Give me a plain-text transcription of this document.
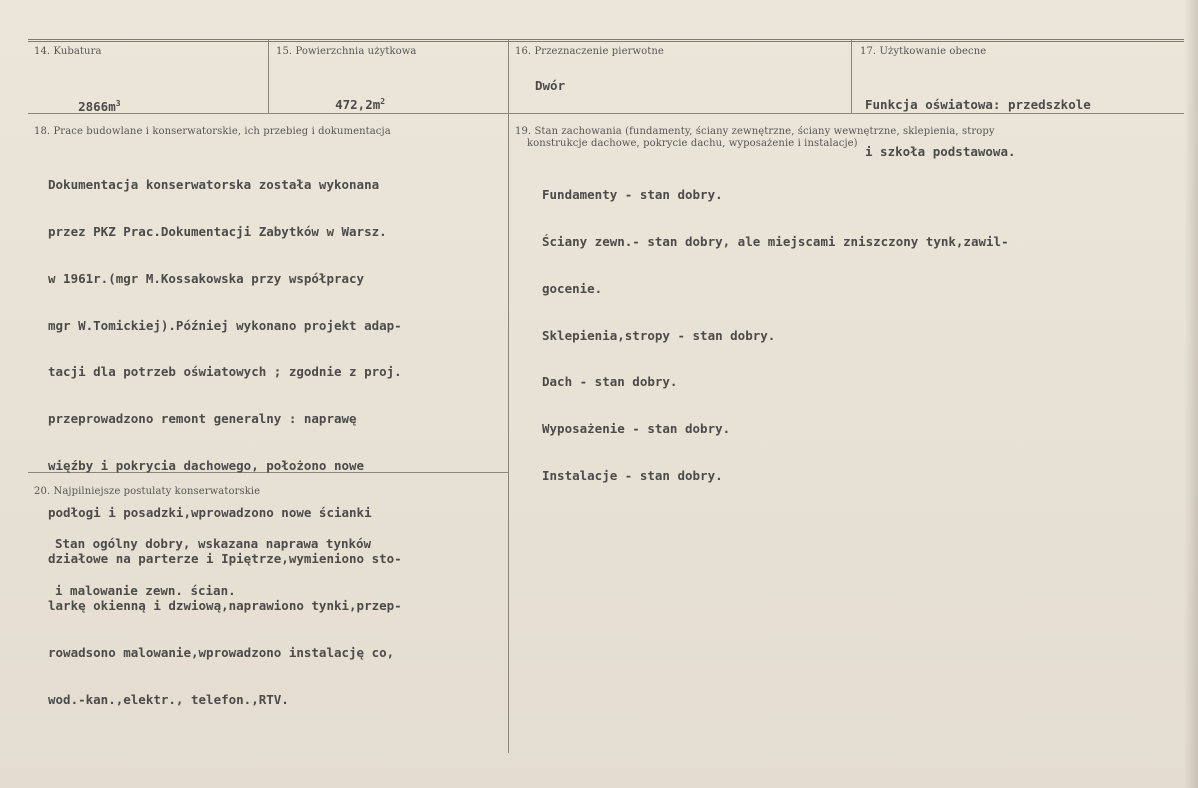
14. Kubatura

$2866m^3$

15. Powierzchnia użytkowa

$472,2m^2$

16. Przeznaczenie pierwotne
Dwór
17. Użytkowanie obecne

Funkcja oświatowa: przedszkole

i szkoła podstawowa.

18. Prace budowlane i konserwatorskie, ich przebieg i dokumentacja

Dokumentacja konserwatorska została wykonana

przez PKZ Prac.Dokumentacji Zabytków w Warsz.

w 1961r.(mgr M.Kossakowska przy współpracy

mgr W.Tomickiej).Później wykonano projekt adap-

tacji dla potrzeb oświatowych ; zgodnie z proj.

przeprowadzono remont generalny : naprawę

więźby i pokrycia dachowego, położono nowe

podłogi i posadzki,wprowadzono nowe ścianki

działowe na parterze i Ipiętrze,wymieniono sto-

larkę okienną i dzwiową,naprawiono tynki,przep-

rowadsono malowanie,wprowadzono instalację co,

wod.-kan.,elektr., telefon.,RTV.

19. Stan zachowania (fundamenty, ściany zewnętrzne, ściany wewnętrzne, sklepienia, stropy
konstrukcje dachowe, pokrycie dachu, wyposażenie i instalacje)

Fundamenty - stan dobry.

Ściany zewn.- stan dobry, ale miejscami zniszczony tynk,zawil-

gocenie.

Sklepienia,stropy - stan dobry.

Dach - stan dobry.

Wyposażenie - stan dobry.

Instalacje - stan dobry.

20. Najpilniejsze postulaty konserwatorskie

Stan ogólny dobry, wskazana naprawa tynków

i malowanie zewn. ścian.
